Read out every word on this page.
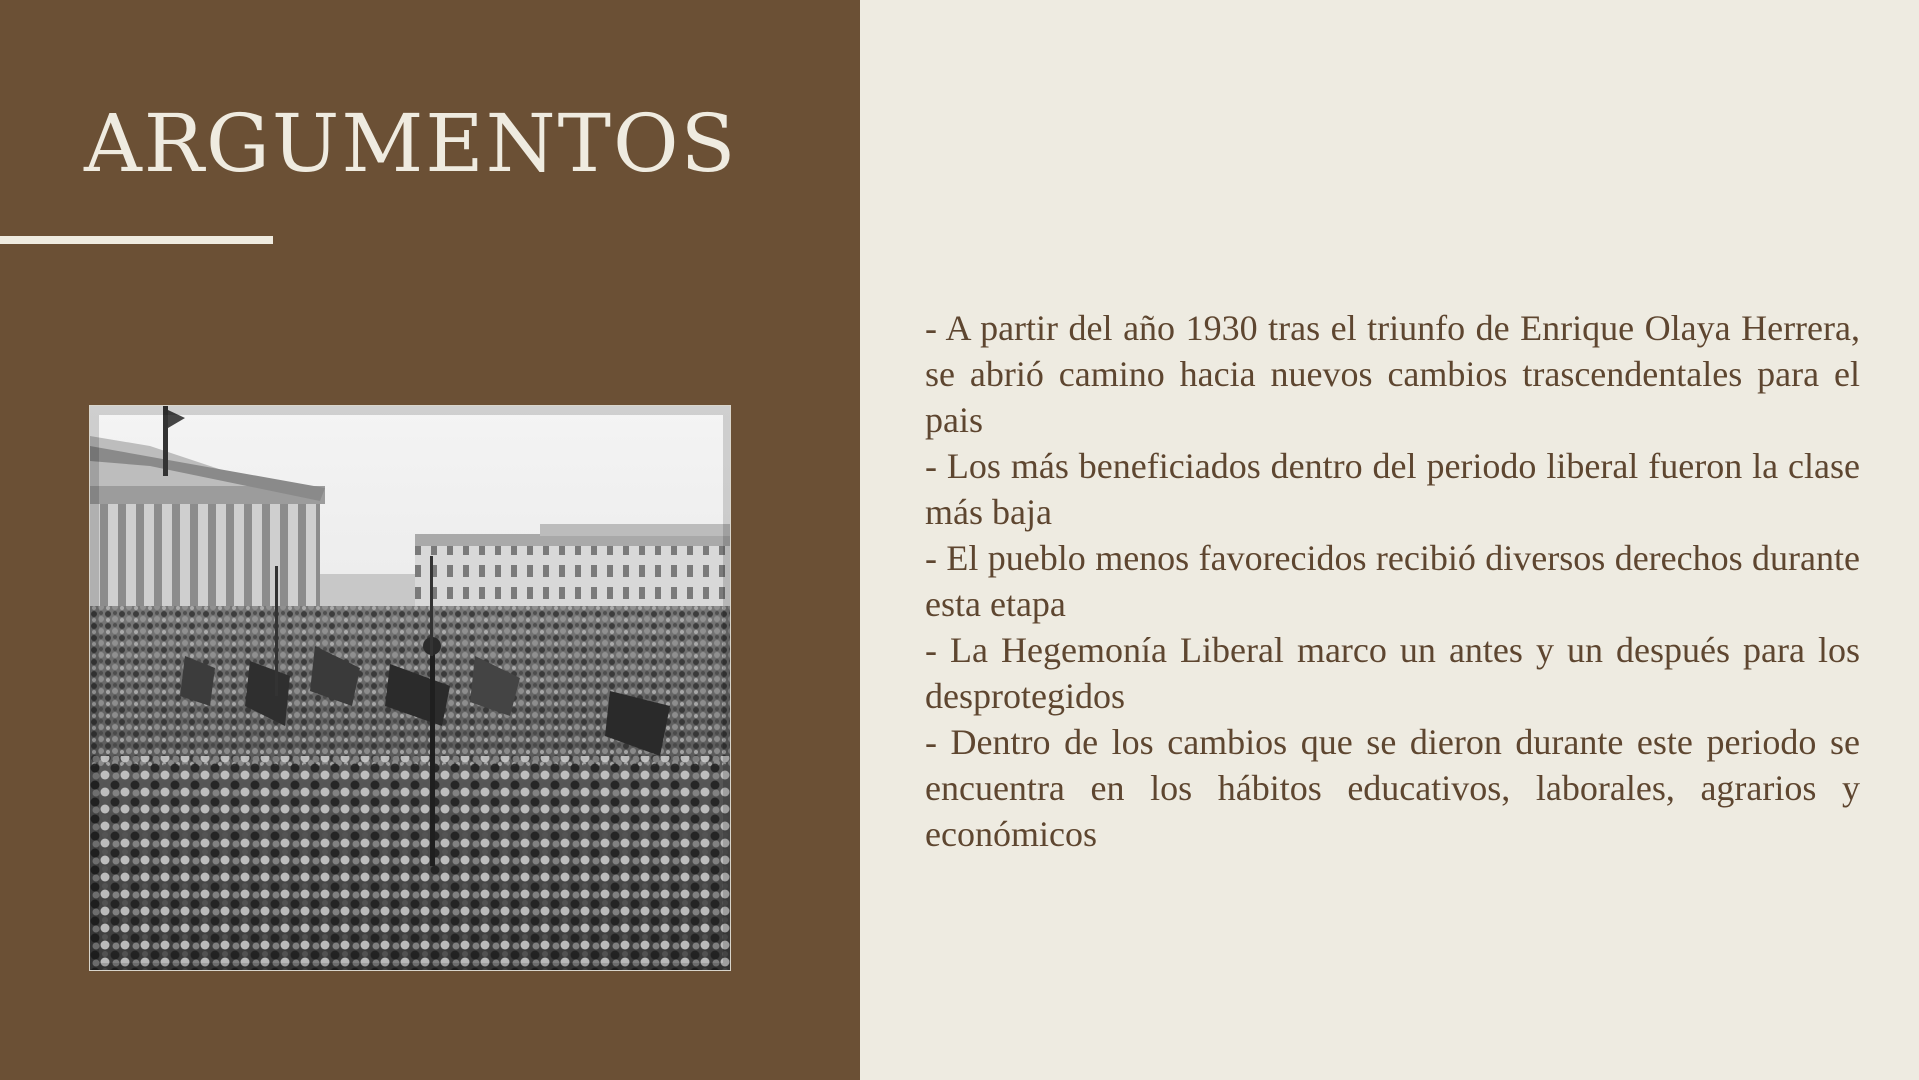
ARGUMENTOS
- A partir del año 1930 tras el triunfo de Enrique Olaya Herrera, se abrió camino hacia nuevos cambios trascendentales para el pais
- Los más beneficiados dentro del periodo liberal fueron la clase más baja
- El pueblo menos favorecidos recibió diversos derechos durante esta etapa
- La Hegemonía Liberal marco un antes y un después para los desprotegidos
- Dentro de los cambios que se dieron durante este periodo se encuentra en los hábitos educativos, laborales, agrarios y económicos
